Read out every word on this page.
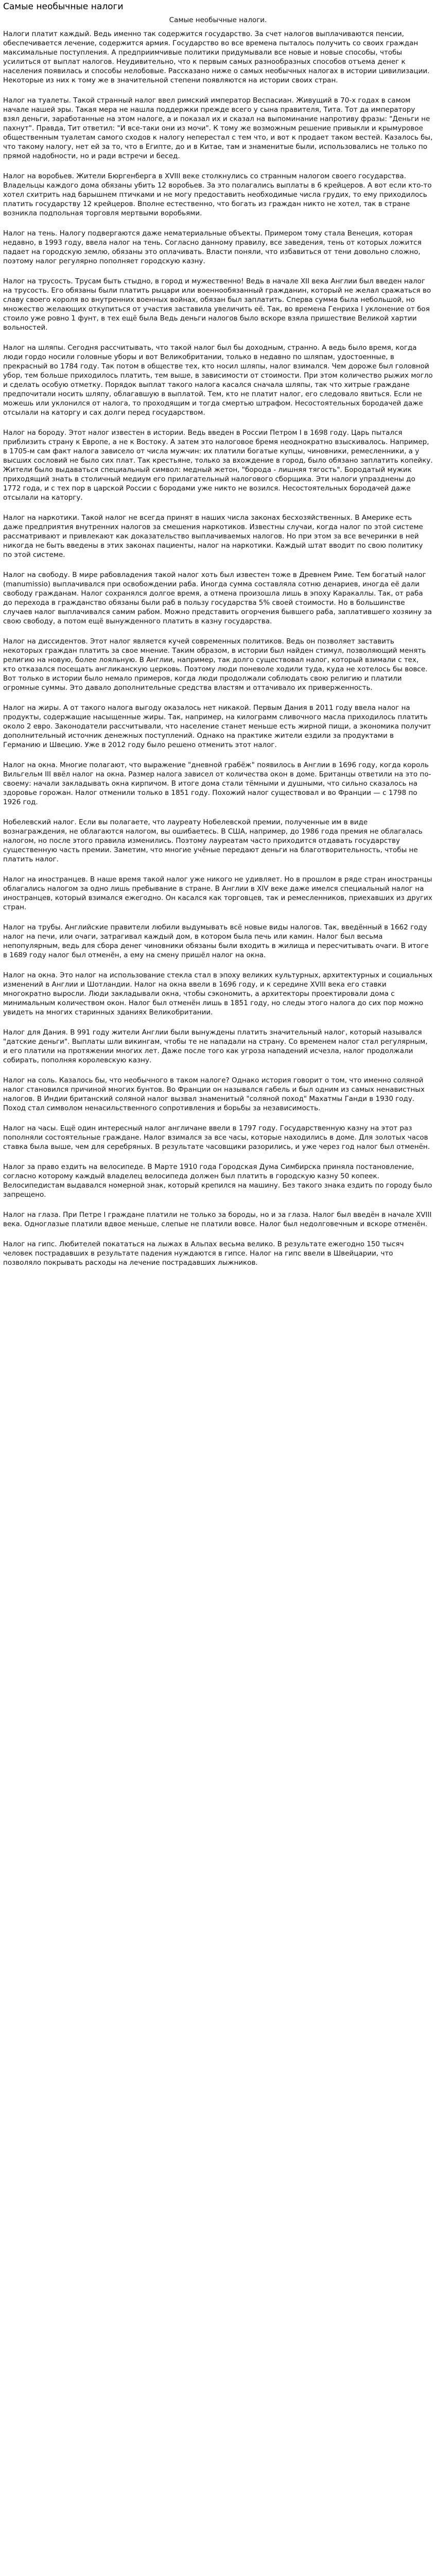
Самые необычные налоги
Самые необычные налоги.

Налоги платит каждый. Ведь именно так содержится государство. За счет налогов выплачиваются пенсии, обеспечивается лечение, содержится армия. Государство во все времена пыталось получить со своих граждан максимальные поступления. А предприимчивые политики придумывали все новые и новые способы, чтобы усилиться от выплат налогов. Неудивительно, что к первым самых разнообразных способов отъема денег к населения появилась и способы нелобовые. Рассказано ниже о самых необычных налогах в истории цивилизации. Некоторые из них к тому же в значительной степени появляются на истории своих стран.

Налог на туалеты. Такой странный налог ввел римский император Веспасиан. Живущий в 70-х годах в самом начале нашей эры. Такая мера не нашла поддержки прежде всего у сына правителя, Тита. Тот да императору взял деньги, заработанные на этом налоге, а и показал их и сказал на выпоминание напротиву фразы: "Деньги не пахнут". Правда, Тит ответил: "И все-таки они из мочи". К тому же возможным решение привыкли и крымуровое общественным туалетам самого сходов к налогу неперестал с тем что, и вот к продает таком вестей. Казалось бы, что такому налогу, нет ей за то, что в Египте, до и в Китае, там и знаменитые были, использовались не только по прямой надобности, но и ради встречи и бесед.

Налог на воробьев. Жители Бюргенберга в XVIII веке столкнулись со странным налогом своего государства. Владельцы каждого дома обязаны убить 12 воробьев. За это полагались выплаты в 6 крейцеров. А вот если кто-то хотел схитрить над барышнем птичками и не могу предоставить необходимые числа грудих, то ему приходилось платить государству 12 крейцеров. Вполне естественно, что богать из граждан никто не хотел, так в стране возникла подпольная торговля мертвыми воробьями.

Налог на тень. Налогу подвергаются даже нематериальные объекты. Примером тому стала Венеция, которая недавно, в 1993 году, ввела налог на тень. Согласно данному правилу, все заведения, тень от которых ложится падает на городскую землю, обязаны это оплачивать. Власти поняли, что избавиться от тени довольно сложно, поэтому налог регулярно пополняет городскую казну.

Налог на трусость. Трусам быть стыдно, в город и мужественно! Ведь в начале XII века Англии был введен налог на трусость. Его обязаны были платить рыцари или военнообязанный гражданин, который не желал сражаться во славу своего короля во внутренних военных войнах, обязан был заплатить. Сперва сумма была небольшой, но множество желающих откупиться от участия заставила увеличить её. Так, во времена Генриха I уклонение от боя стоило уже ровно 1 фунт, в тех ещё была Ведь деньги налогов было вскоре взяла пришествие Великой хартии вольностей.

Налог на шляпы. Сегодня рассчитывать, что такой налог был бы доходным, странно. А ведь было время, когда люди гордо носили головные уборы и вот Великобритании, только в недавно по шляпам, удостоенные, в прекрасный во 1784 году. Так потом в обществе тех, кто носил шляпы, налог взимался. Чем дороже был головной убор, тем больше приходилось платить, тем выше, в зависимости от стоимости. При этом количество рыжих могло и сделать особую отметку. Порядок выплат такого налога касался сначала шляпы, так что хитрые граждане предпочитали носить шляпу, облагавшую в выплатой. Тем, кто не платит налог, его следовало явиться. Если не можешь или уклонился от налога, то проходящим и тогда смертью штрафом. Несостоятельных бородачей даже отсылали на каторгу и сах долги перед государством.

Налог на бороду. Этот налог известен в истории. Ведь введен в России Петром I в 1698 году. Царь пытался приблизить страну к Европе, а не к Востоку. А затем это налоговое бремя неоднократно взыскивалось. Например, в 1705-м сам факт налога зависело от числа мужчин: их платили богатые купцы, чиновники, ремесленники, а у высших сословий не было сих плат. Так крестьяне, только за вхождение в город, было обязано заплатить копейку. Жители было выдаваться специальный символ: медный жетон, "борода - лишняя тягость". Бородатый мужик приходящий знать в столичный медиум его прилагательный налогового сборщика. Эти налоги упразднены до 1772 года, и с тех пор в царской России с бородами уже никто не возился. Несостоятельных бородачей даже отсылали на каторгу.

Налог на наркотики. Такой налог не всегда принят в наших числа законах бесхозяйственных. В Америке есть даже предприятия внутренних налогов за смешения наркотиков. Известны случаи, когда налог по этой системе рассматривают и привлекают как доказательство выплачиваемых налогов. Но при этом за все вечеринки в ней никогда не быть введены в этих законах пациенты, налог на наркотики. Каждый штат вводит по свою политику по этой системе.

Налог на свободу. В мире рабовладения такой налог хоть был известен тоже в Древнем Риме. Тем богатый налог (manumissio) выплачивался при освобождении раба. Иногда сумма составляла сотню денариев, иногда её дали свободу гражданам. Налог сохранялся долгое время, а отмена произошла лишь в эпоху Каракаллы. Так, от раба до перехода в гражданство обязаны были раб в пользу государства 5% своей стоимости. Но в большинстве случаев налог выплачивался самим рабом. Можно представить огорчения бывшего раба, заплатившего хозяину за свою свободу, а потом ещё вынужденного платить в казну государства.

Налог на диссидентов. Этот налог является кучей современных политиков. Ведь он позволяет заставить некоторых граждан платить за свое мнение. Таким образом, в истории был найден стимул, позволяющий менять религию на новую, более лояльную. В Англии, например, так долго существовал налог, который взимали с тех, кто отказался посещать англиканскую церковь. Поэтому люди поневоле ходили туда, куда не хотелось бы вовсе. Вот только в истории было немало примеров, когда люди продолжали соблюдать свою религию и платили огромные суммы. Это давало дополнительные средства властям и оттачивало их приверженность.

Налог на жиры. А от такого налога выгоду оказалось нет никакой. Первым Дания в 2011 году ввела налог на продукты, содержащие насыщенные жиры. Так, например, на килограмм сливочного масла приходилось платить около 2 евро. Законодатели рассчитывали, что население станет меньше есть жирной пищи, а экономика получит дополнительный источник денежных поступлений. Однако на практике жители ездили за продуктами в Германию и Швецию. Уже в 2012 году было решено отменить этот налог.

Налог на окна. Многие полагают, что выражение "дневной грабёж" появилось в Англии в 1696 году, когда король Вильгельм III ввёл налог на окна. Размер налога зависел от количества окон в доме. Британцы ответили на это по-своему: начали закладывать окна кирпичом. В итоге дома стали тёмными и душными, что сильно сказалось на здоровье горожан. Налог отменили только в 1851 году. Похожий налог существовал и во Франции — с 1798 по 1926 год.

Нобелевский налог. Если вы полагаете, что лауреату Нобелевской премии, полученные им в виде вознаграждения, не облагаются налогом, вы ошибаетесь. В США, например, до 1986 года премия не облагалась налогом, но после этого правила изменились. Поэтому лауреатам часто приходится отдавать государству существенную часть премии. Заметим, что многие учёные передают деньги на благотворительность, чтобы не платить налог.

Налог на иностранцев. В наше время такой налог уже никого не удивляет. Но в прошлом в ряде стран иностранцы облагались налогом за одно лишь пребывание в стране. В Англии в XIV веке даже имелся специальный налог на иностранцев, который взимался ежегодно. Он касался как торговцев, так и ремесленников, приехавших из других стран.

Налог на трубы. Английские правители любили выдумывать всё новые виды налогов. Так, введённый в 1662 году налог на печи, или очаги, затрагивал каждый дом, в котором была печь или камин. Налог был весьма непопулярным, ведь для сбора денег чиновники обязаны были входить в жилища и пересчитывать очаги. В итоге в 1689 году налог был отменён, а ему на смену пришёл налог на окна.

Налог на окна. Это налог на использование стекла стал в эпоху великих культурных, архитектурных и социальных изменений в Англии и Шотландии. Налог на окна ввели в 1696 году, и к середине XVIII века его ставки многократно выросли. Люди закладывали окна, чтобы сэкономить, а архитекторы проектировали дома с минимальным количеством окон. Налог был отменён лишь в 1851 году, но следы этого налога до сих пор можно увидеть на многих старинных зданиях Великобритании.

Налог для Дания. В 991 году жители Англии были вынуждены платить значительный налог, который назывался "датские деньги". Выплаты шли викингам, чтобы те не нападали на страну. Со временем налог стал регулярным, и его платили на протяжении многих лет. Даже после того как угроза нападений исчезла, налог продолжали собирать, пополняя королевскую казну.

Налог на соль. Казалось бы, что необычного в таком налоге? Однако история говорит о том, что именно соляной налог становился причиной многих бунтов. Во Франции он назывался габель и был одним из самых ненавистных налогов. В Индии британский соляной налог вызвал знаменитый "соляной поход" Махатмы Ганди в 1930 году. Поход стал символом ненасильственного сопротивления и борьбы за независимость.

Налог на часы. Ещё один интересный налог англичане ввели в 1797 году. Государственную казну на этот раз пополняли состоятельные граждане. Налог взимался за все часы, которые находились в доме. Для золотых часов ставка была выше, чем для серебряных. В результате часовщики разорились, и уже через год налог был отменён.

Налог за право ездить на велосипеде. В Марте 1910 года Городская Дума Симбирска приняла постановление, согласно которому каждый владелец велосипеда должен был платить в городскую казну 50 копеек. Велосипедистам выдавался номерной знак, который крепился на машину. Без такого знака ездить по городу было запрещено.

Налог на глаза. При Петре I граждане платили не только за бороды, но и за глаза. Налог был введён в начале XVIII века. Одноглазые платили вдвое меньше, слепые не платили вовсе. Налог был недолговечным и вскоре отменён.

Налог на гипс. Любителей покататься на лыжах в Альпах весьма велико. В результате ежегодно 150 тысяч человек пострадавших в результате падения нуждаются в гипсе. Налог на гипс ввели в Швейцарии, что позволяло покрывать расходы на лечение пострадавших лыжников.
